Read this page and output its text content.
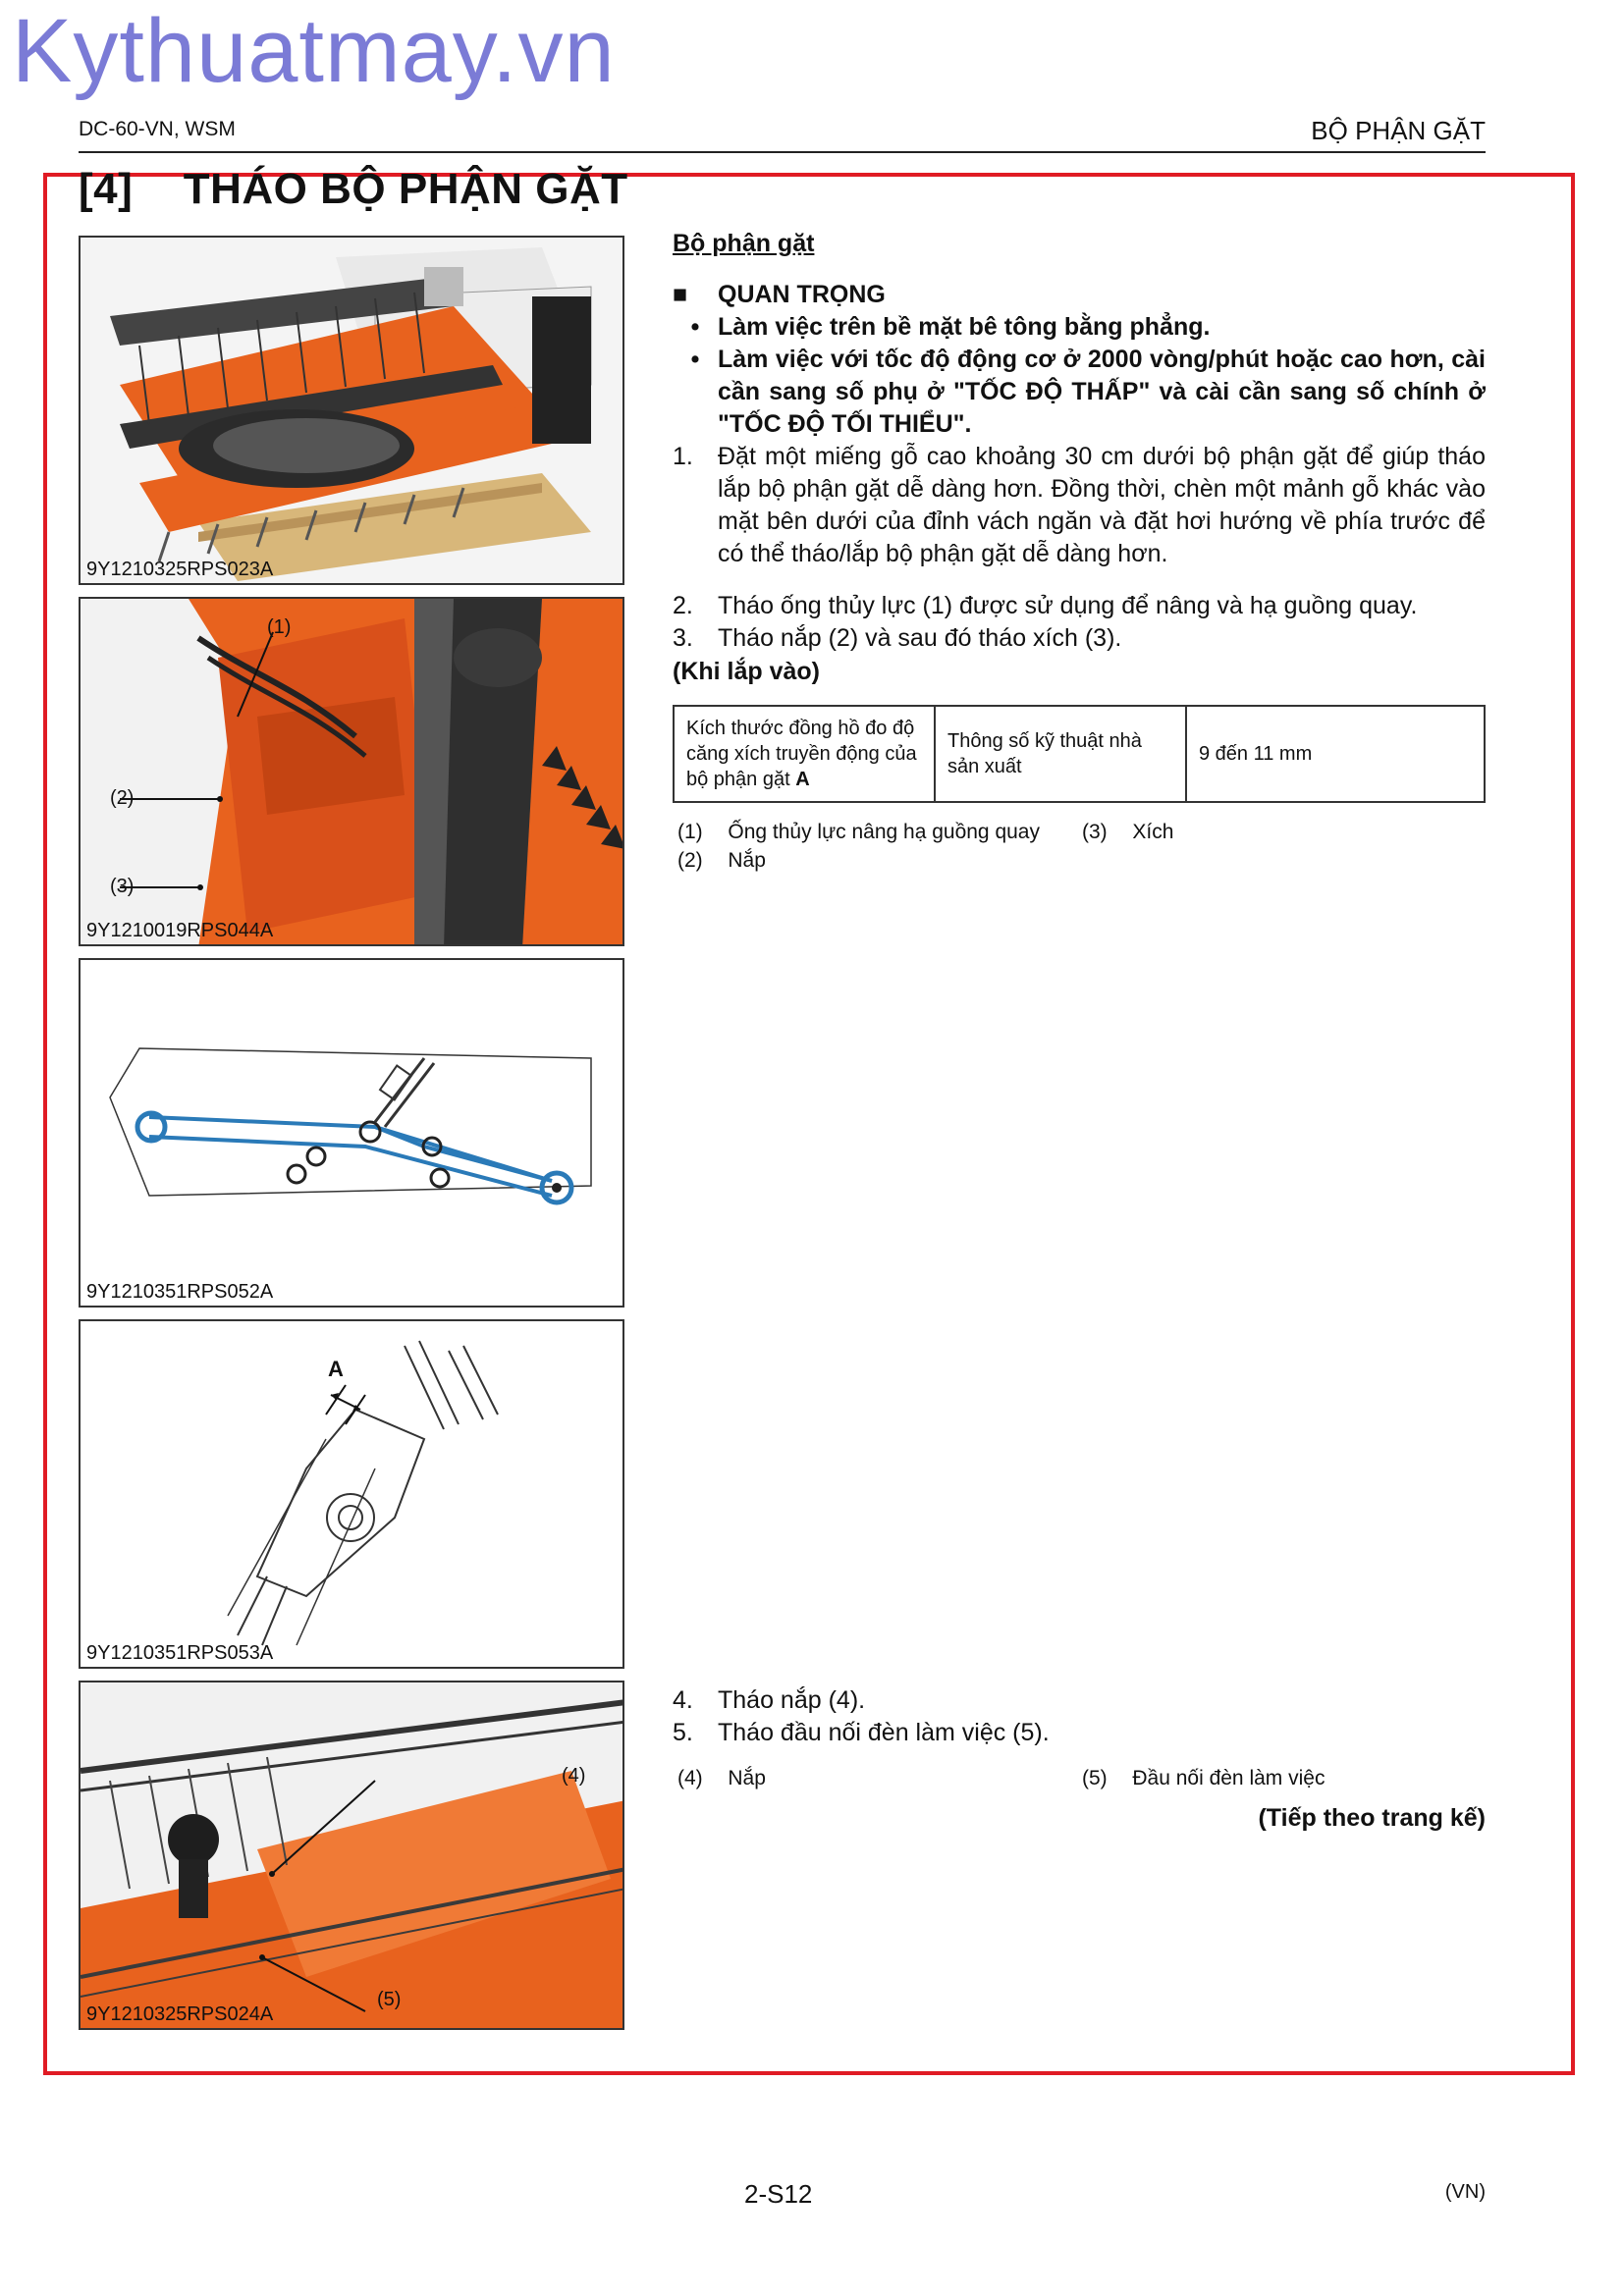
Kythuatmay.vn
DC-60-VN, WSM	BỘ PHẬN GẶT
[4] THÁO BỘ PHẬN GẶT
9Y1210325RPS023A
(1)
(2)
(3)
9Y1210019RPS044A
9Y1210351RPS052A
A
9Y1210351RPS053A
(4)
(5)
9Y1210325RPS024A
Bộ phận gặt
■	QUAN TRỌNG
• Làm việc trên bề mặt bê tông bằng phẳng.
• Làm việc với tốc độ động cơ ở 2000 vòng/phút hoặc cao hơn, cài cần sang số phụ ở "TỐC ĐỘ THẤP" và cài cần sang số chính ở "TỐC ĐỘ TỐI THIỂU".
1.	Đặt một miếng gỗ cao khoảng 30 cm dưới bộ phận gặt để giúp tháo lắp bộ phận gặt dễ dàng hơn. Đồng thời, chèn một mảnh gỗ khác vào mặt bên dưới của đỉnh vách ngăn và đặt hơi hướng về phía trước để có thể tháo/lắp bộ phận gặt dễ dàng hơn.
2.	Tháo ống thủy lực (1) được sử dụng để nâng và hạ guồng quay.
3.	Tháo nắp (2) và sau đó tháo xích (3).
(Khi lắp vào)
Kích thước đồng hồ đo độ căng xích truyền động của bộ phận gặt A	Thông số kỹ thuật nhà sản xuất	9 đến 11 mm
(1) Ống thủy lực nâng hạ guồng quay
(2) Nắp
(3) Xích
4.	Tháo nắp (4).
5.	Tháo đầu nối đèn làm việc (5).
(4) Nắp	(5) Đầu nối đèn làm việc
(Tiếp theo trang kế)
2-S12	(VN)
